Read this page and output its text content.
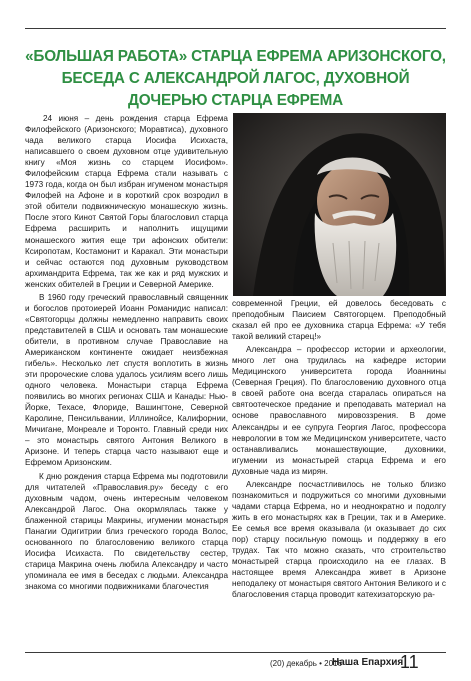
«БОЛЬШАЯ РАБОТА» СТАРЦА ЕФРЕМА АРИЗОНСКОГО, БЕСЕДА С АЛЕКСАНДРОЙ ЛАГОС, ДУХОВНОЙ ДОЧЕРЬЮ СТАРЦА ЕФРЕМА

24 июня – день рождения старца Ефрема Филофейского (Аризонского; Моравтиса), духовного чада великого старца Иосифа Исихаста, написавшего о своем духовном отце удивительную книгу «Моя жизнь со старцем Иосифом». Филофейским старца Ефрема стали называть с 1973 года, когда он был избран игуменом монастыря Филофей на Афоне и в короткий срок возродил в этой обители подвижническую монашескую жизнь. После этого Кинот Святой Горы благословил старца Ефрема расширить и наполнить ищущими монашеского жития еще три афонских обители: Ксиропотам, Костамонит и Каракал. Эти монастыри и сейчас остаются под духовным руководством архимандрита Ефрема, так же как и ряд мужских и женских обителей в Греции и Северной Америке.

В 1960 году греческий православный священник и богослов протоиерей Иоанн Романидис написал: «Святогорцы должны немедленно направить своих представителей в США и основать там монашеские обители, в противном случае Православие на Американском континенте ожидает неизбежная гибель». Несколько лет спустя воплотить в жизнь эти пророческие слова удалось усилиям всего лишь одного человека. Монастыри старца Ефрема появились во многих регионах США и Канады: Нью-Йорке, Техасе, Флориде, Вашингтоне, Северной Каролине, Пенсильвании, Иллинойсе, Калифорнии, Мичигане, Монреале и Торонто. Главный среди них – это монастырь святого Антония Великого в Аризоне. И теперь старца часто называют еще и Ефремом Аризонским.

К дню рождения старца Ефрема мы подготовили для читателей «Православия.ру» беседу с его духовным чадом, очень интересным человеком Александрой Лагос. Она окормлялась также у блаженной старицы Макрины, игумении монастыря Панагии Одигитрии близ греческого города Волос, основанного по благословению великого старца Иосифа Исихаста. По свидетельству сестер, старица Макрина очень любила Александру и часто упоминала ее имя в беседах с людьми. Александра знакома со многими подвижниками благочестия

современной Греции, ей довелось беседовать с преподобным Паисием Святогорцем. Преподобный сказал ей про ее духовника старца Ефрема: «У тебя такой великий старец!»

Александра – профессор истории и археологии, много лет она трудилась на кафедре истории Медицинского университета города Иоаннины (Северная Греция). По благословению духовного отца в своей работе она всегда старалась опираться на святоотеческое предание и преподавать материал на основе православного мировоззрения. В доме Александры и ее супруга Георгия Лагос, профессора неврологии в том же Медицинском университете, часто останавливались монашествующие, духовники, игумении из монастырей старца Ефрема и его духовные чада из мирян.

Александре посчастливилось не только близко познакомиться и подружиться со многими духовными чадами старца Ефрема, но и неоднократно и подолгу жить в его монастырях как в Греции, так и в Америке. Ее семья все время оказывала (и оказывает до сих пор) старцу посильную помощь и поддержку в его трудах. Так что можно сказать, что строительство монастырей старца происходило на ее глазах. В настоящее время Александра живет в Аризоне неподалеку от монастыря святого Антония Великого и с благословения старца проводит катехизаторскую ра-

(20) декабрь • 2016
Наша Епархия
11
